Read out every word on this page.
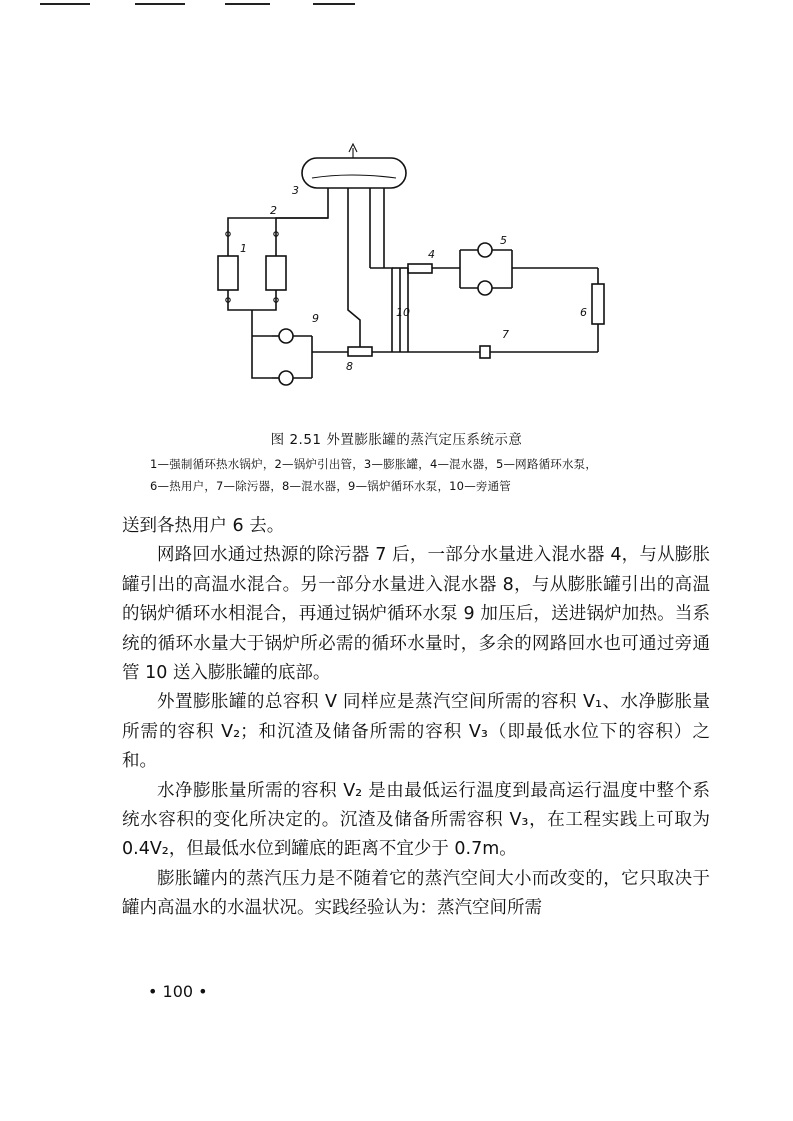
1
2
3
4
5
6
7
8
9	10
图 2.51 外置膨胀罐的蒸汽定压系统示意
1—强制循环热水锅炉，2—锅炉引出管，3—膨胀罐，4—混水器，5—网路循环水泵，
6—热用户，7—除污器，8—混水器，9—锅炉循环水泵，10—旁通管

送到各热用户 6 去。

网路回水通过热源的除污器 7 后，一部分水量进入混水器 4，与从膨胀罐引出的高温水混合。另一部分水量进入混水器 8，与从膨胀罐引出的高温的锅炉循环水相混合，再通过锅炉循环水泵 9 加压后，送进锅炉加热。当系统的循环水量大于锅炉所必需的循环水量时，多余的网路回水也可通过旁通管 10 送入膨胀罐的底部。

外置膨胀罐的总容积 V 同样应是蒸汽空间所需的容积 V₁、水净膨胀量所需的容积 V₂；和沉渣及储备所需的容积 V₃（即最低水位下的容积）之和。

水净膨胀量所需的容积 V₂ 是由最低运行温度到最高运行温度中整个系统水容积的变化所决定的。沉渣及储备所需容积 V₃，在工程实践上可取为 0.4V₂，但最低水位到罐底的距离不宜少于 0.7m。

膨胀罐内的蒸汽压力是不随着它的蒸汽空间大小而改变的，它只取决于罐内高温水的水温状况。实践经验认为：蒸汽空间所需

• 100 •
